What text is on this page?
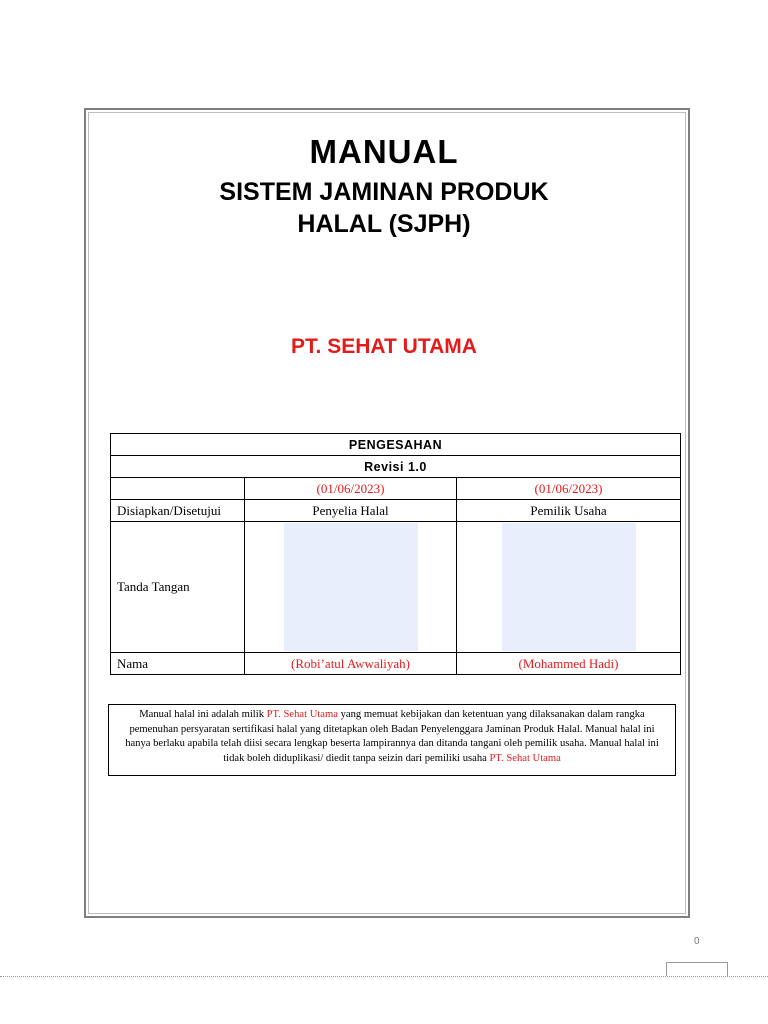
MANUAL
SISTEM JAMINAN PRODUK
HALAL (SJPH)
PT. SEHAT UTAMA
PENGESAHAN		
Revisi 1.0		
	(01/06/2023)	(01/06/2023)
Disiapkan/Disetujui	Penyelia Halal	Pemilik Usaha
Tanda Tangan	

Nama	(Robi’atul Awwaliyah)	(Mohammed Hadi)
Manual halal ini adalah milik PT. Sehat Utama yang memuat kebijakan dan ketentuan yang dilaksanakan dalam rangka pemenuhan persyaratan sertifikasi halal yang ditetapkan oleh Badan Penyelenggara Jaminan Produk Halal. Manual halal ini hanya berlaku apabila telah diisi secara lengkap beserta lampirannya dan ditanda tangani oleh pemilik usaha. Manual halal ini tidak boleh diduplikasi/ diedit tanpa seizin dari pemiliki usaha PT. Sehat Utama
0
